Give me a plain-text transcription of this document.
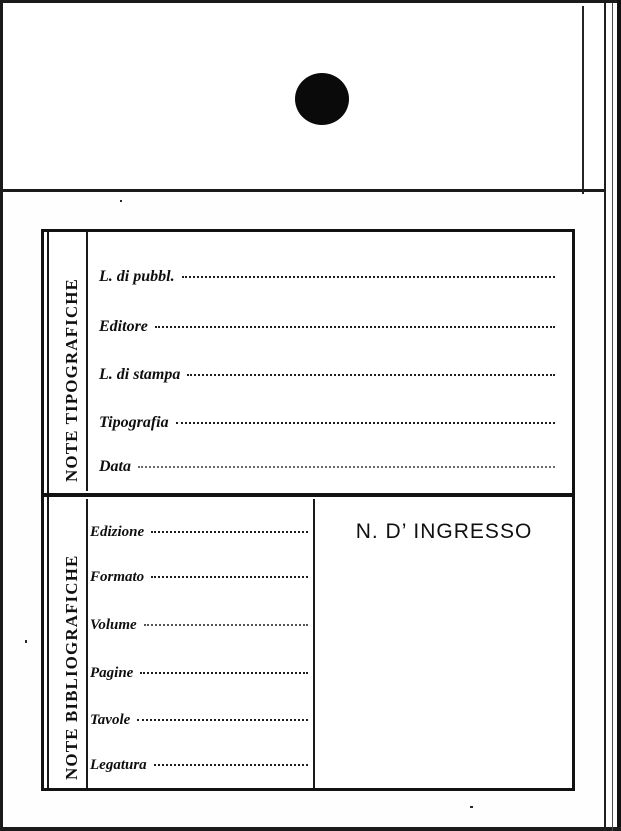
NOTE TIPOGRAFICHE
NOTE BIBLIOGRAFICHE
L. di pubbl.
Editore
L. di stampa
Tipografia
Data
Edizione
Formato
Volume
Pagine
Tavole
Legatura
N. D’ INGRESSO
